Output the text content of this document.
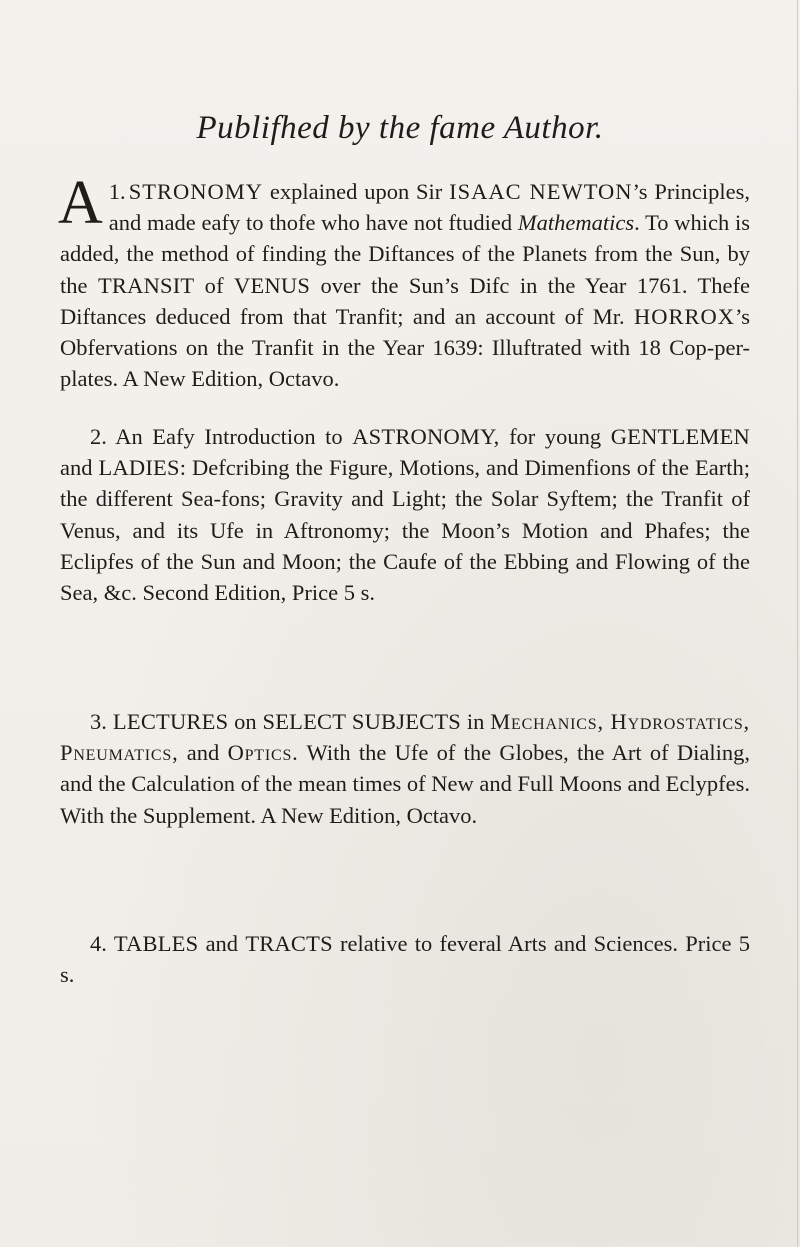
Publifhed by the fame Author.

1.
A STRONOMY explained upon Sir ISAAC NEWTON’s Principles, and made eafy to thofe who have not ftudied Mathematics. To which is added, the method of finding the Diftances of the Planets from the Sun, by the TRANSIT of VENUS over the Sun’s Difc in the Year 1761. Thefe Diftances deduced from that Tranfit; and an account of Mr. HORROX’s Obfervations on the Tranfit in the Year 1639: Illuftrated with 18 Cop-per-plates. A New Edition, Octavo.

2. An Eafy Introduction to ASTRONOMY, for young GENTLEMEN and LADIES: Defcribing the Figure, Motions, and Dimenfions of the Earth; the different Sea-fons; Gravity and Light; the Solar Syftem; the Tranfit of Venus, and its Ufe in Aftronomy; the Moon’s Motion and Phafes; the Eclipfes of the Sun and Moon; the Caufe of the Ebbing and Flowing of the Sea, &c. Second Edition, Price 5 s.

3. LECTURES on SELECT SUBJECTS in Mechanics, Hydrostatics, Pneumatics, and Optics. With the Ufe of the Globes, the Art of Dialing, and the Calculation of the mean times of New and Full Moons and Eclypfes. With the Supplement. A New Edition, Octavo.

4. TABLES and TRACTS relative to feveral Arts and Sciences. Price 5 s.
